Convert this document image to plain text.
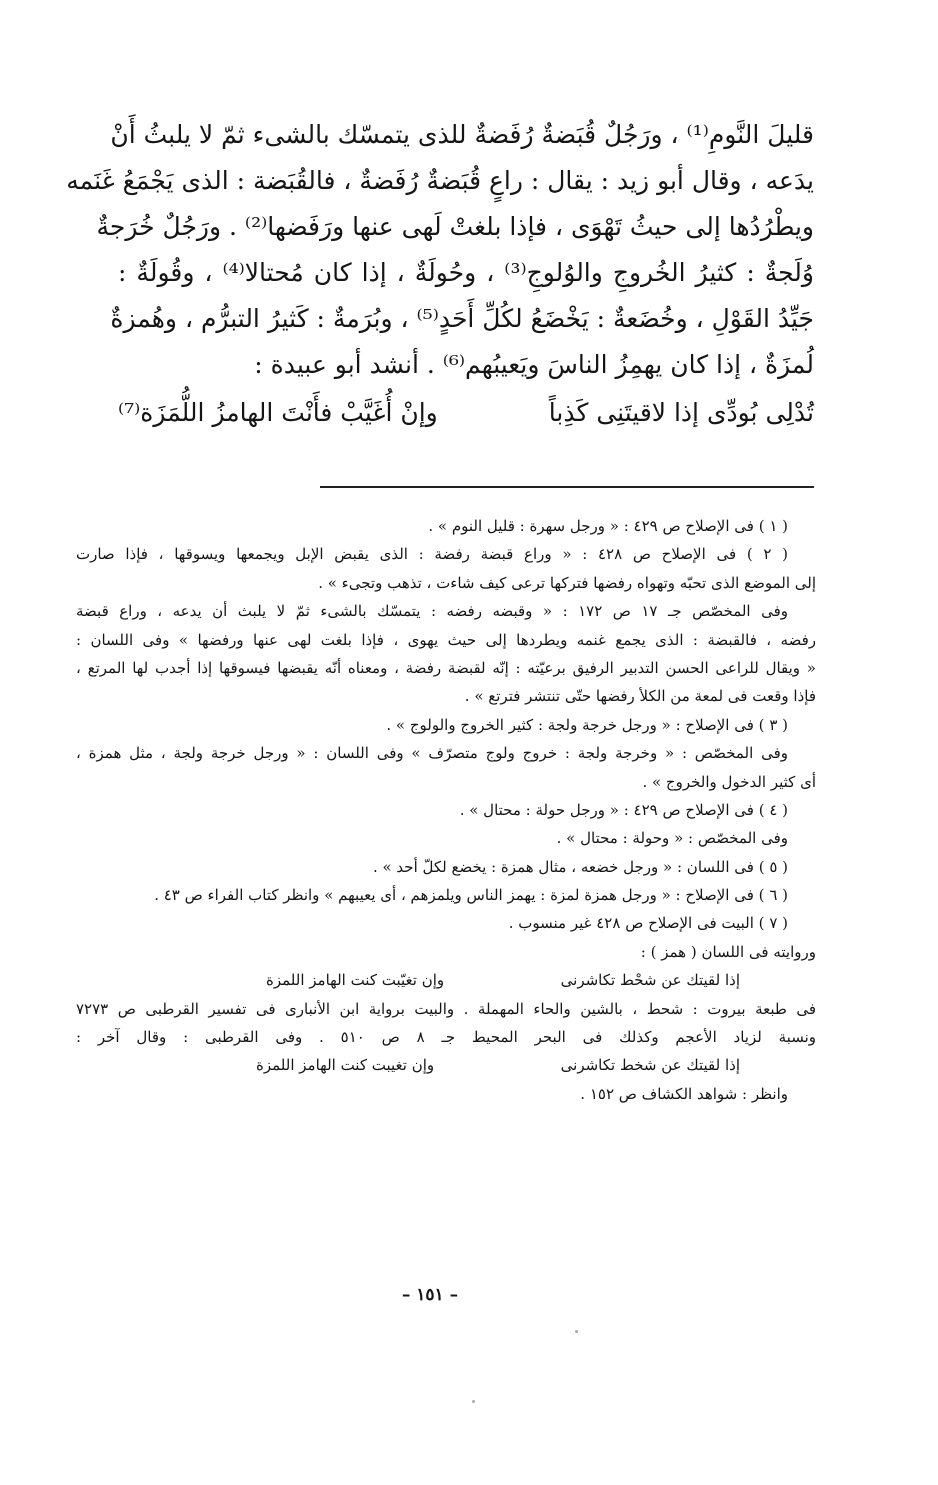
قليلَ النَّومِ⁽¹⁾ ، ورَجُلٌ قُبَضةٌ رُفَضةٌ للذى يتمسّك بالشىء ثمّ لا يلبثُ أَنْ
يدَعه ، وقال أبو زيد : يقال : راعٍ قُبَضةٌ رُفَضةٌ ، فالقُبَضة : الذى يَجْمَعُ غَنَمه
ويطْرُدُها إلى حيثُ تَهْوَى ، فإذا بلغتْ لَهى عنها ورَفَضها⁽²⁾ . ورَجُلٌ خُرَجةٌ
وُلَجةٌ : كثيرُ الخُروجِ والوُلوجِ⁽³⁾ ، وحُولَةٌ ، إذا كان مُحتالا⁽⁴⁾ ، وقُولَةٌ :
جَيِّدُ القَوْلِ ، وخُضَعةٌ : يَخْضَعُ لكُلِّ أَحَدٍ⁽⁵⁾ ، وبُرَمةٌ : كَثيرُ التبرُّم ، وهُمزةٌ
لُمزَةٌ ، إذا كان يهمِزُ الناسَ ويَعيبُهم⁽⁶⁾ . أنشد أبو عبيدة :
تُدْلِى بُودِّى إذا لاقيتَنِى كَذِباً
وإنْ أُغَيَّبْ فأَنْتَ الهامزُ اللُّمَزَة⁽⁷⁾
( ١ ) فى الإصلاح ص ٤٢٩ : « ورجل سهرة : قليل النوم » .
( ٢ ) فى الإصلاح ص ٤٢٨ : « وراع قبضة رفضة : الذى يقبض الإبل ويجمعها ويسوقها ، فإذا صارت
إلى الموضع الذى تحبّه وتهواه رفضها فتركها ترعى كيف شاءت ، تذهب وتجىء » .
وفى المخصّص جـ ١٧ ص ١٧٢ : « وقبضه رفضه : يتمسّك بالشىء ثمّ لا يلبث أن يدعه ، وراع قبضة
رفضه ، فالقبضة : الذى يجمع غنمه ويطردها إلى حيث يهوى ، فإذا بلغت لهى عنها ورفضها » وفى اللسان :
« ويقال للراعى الحسن التدبير الرفيق برعيّته : إنّه لقبضة رفضة ، ومعناه أنّه يقبضها فيسوقها إذا أجدب لها المرتع ،
فإذا وقعت فى لمعة من الكلأ رفضها حتّى تنتشر فترتع » .
( ٣ ) فى الإصلاح : « ورجل خرجة ولجة : كثير الخروج والولوج » .
وفى المخصّص : « وخرجة ولجة : خروج ولوج متصرّف » وفى اللسان : « ورجل خرجة ولجة ، مثل همزة ،
أى كثير الدخول والخروج » .
( ٤ ) فى الإصلاح ص ٤٢٩ : « ورجل حولة : محتال » .
وفى المخصّص : « وحولة : محتال » .
( ٥ ) فى اللسان : « ورجل خضعه ، مثال همزة : يخضع لكلّ أحد » .
( ٦ ) فى الإصلاح : « ورجل همزة لمزة : يهمز الناس ويلمزهم ، أى يعيبهم » وانظر كتاب الفراء ص ٤٣ .
( ٧ ) البيت فى الإصلاح ص ٤٢٨ غير منسوب .
وروايته فى اللسان ( همز ) :
إذا لقيتك عن شحْط تكاشرنى
وإن تغيّبت كنت الهامز اللمزة
فى طبعة بيروت : شحط ، بالشين والحاء المهملة . والبيت برواية ابن الأنبارى فى تفسير القرطبى ص ٧٢٧٣
ونسبة لزياد الأعجم وكذلك فى البحر المحيط جـ ٨ ص ٥١٠ . وفى القرطبى : وقال آخر :
إذا لقيتك عن شخط تكاشرنى
وإن تغيبت كنت الهامز اللمزة
وانظر : شواهد الكشاف ص ١٥٢ .
– ١٥١ –
